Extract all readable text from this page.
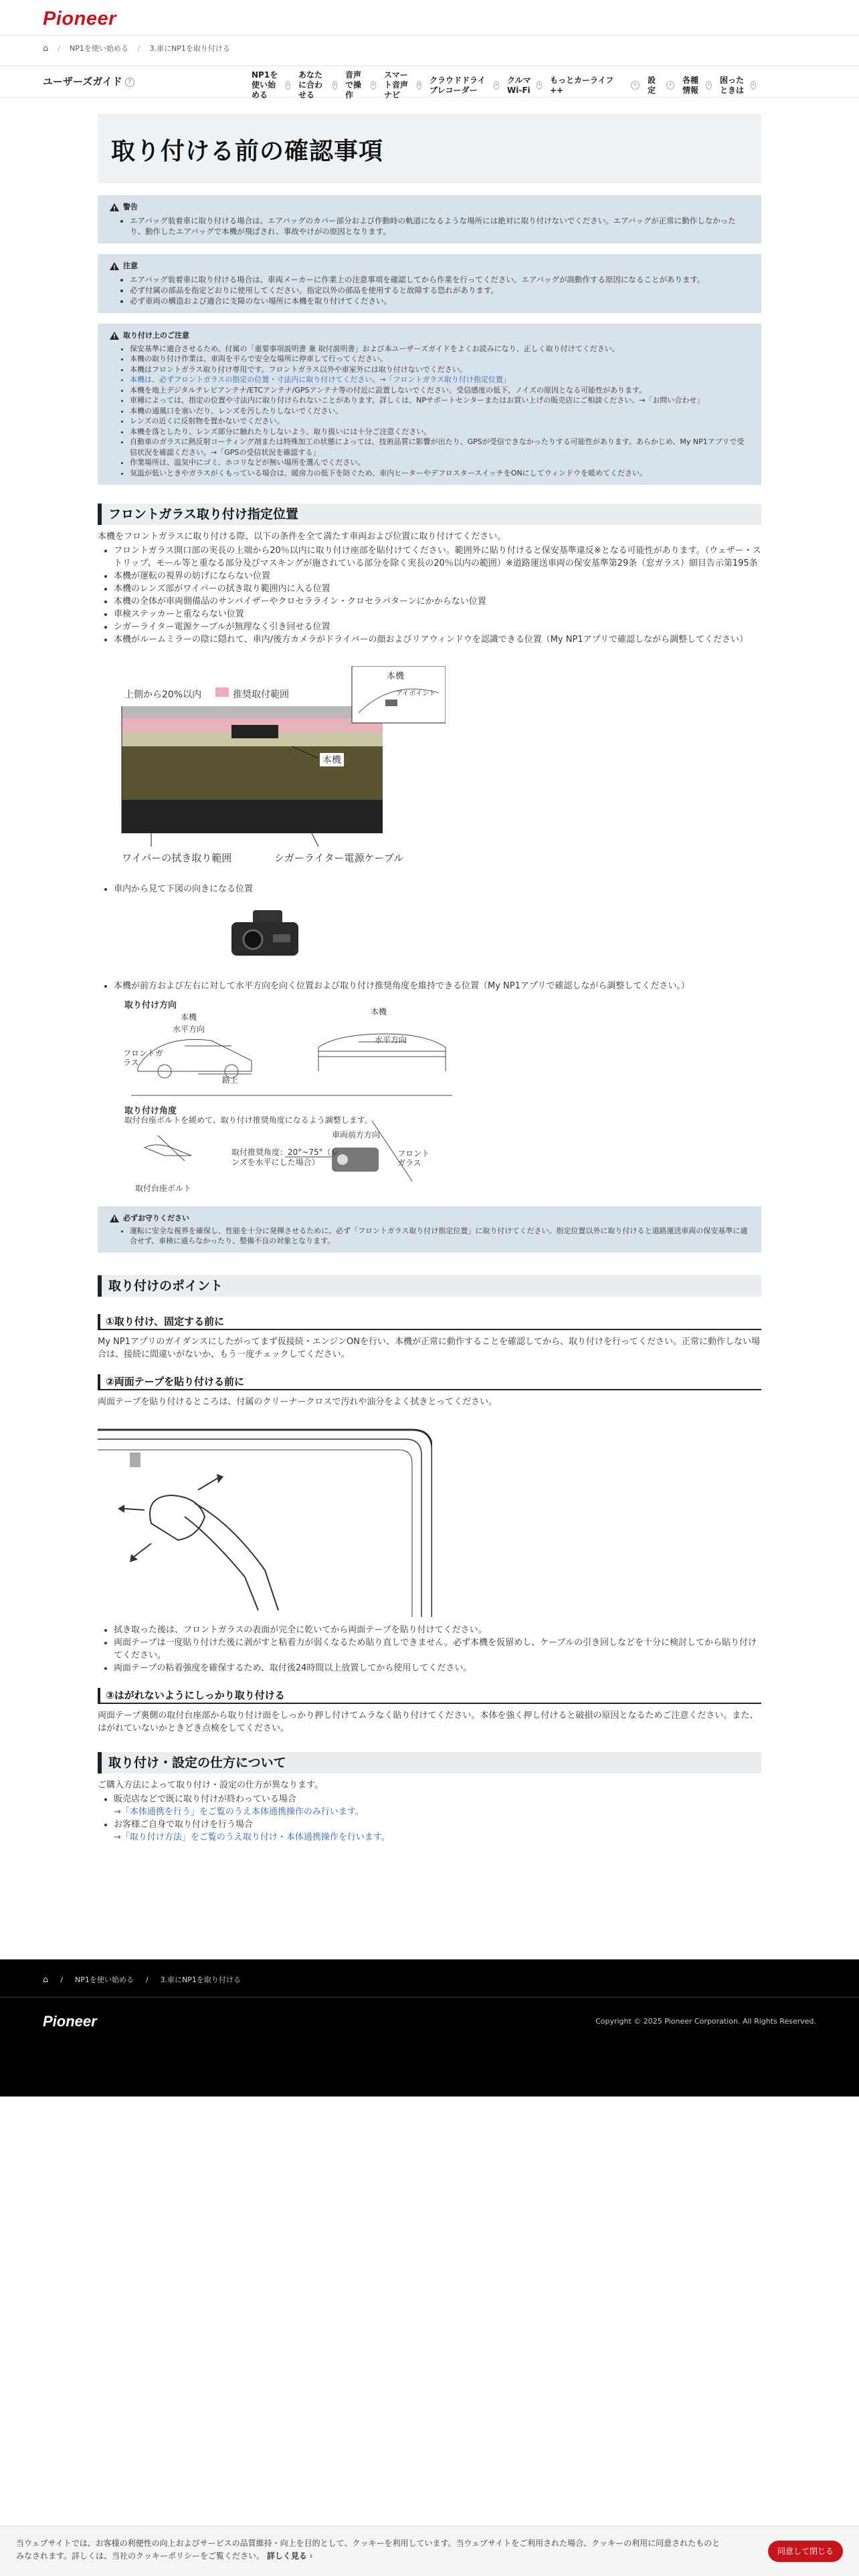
Pioneer
⌂ / NP1を使い始める / 3.車にNP1を取り付ける
ユーザーズガイド ?
NP1を使い始める
›
あなたに合わせる
›
音声で操作
›
スマート音声ナビ
› クラウドドライブレコーダー
› クルマWi-Fi
› もっとカーライフ++
›	設定
›	各種情報
› 困ったときは
›
取り付ける前の確認事項
!
警告
• エアバッグ装着車に取り付ける場合は、エアバッグのカバー部分および作動時の軌道になるような場所には絶対に取り付けないでください。エアバッグが正常に動作しなかったり、動作したエアバッグで本機が飛ばされ、事故やけがの原因となります。
!
注意
• エアバッグ装着車に取り付ける場合は、車両メーカーに作業上の注意事項を確認してから作業を行ってください。エアバッグが誤動作する原因になることがあります。
• 必ず付属の部品を指定どおりに使用してください。指定以外の部品を使用すると故障する恐れがあります。
• 必ず車両の構造および適合に支障のない場所に本機を取り付けてください。
!
取り付け上のご注意
• 保安基準に適合させるため、付属の「重要事項説明書 兼 取付説明書」および本ユーザーズガイドをよくお読みになり、正しく取り付けてください。
• 本機の取り付け作業は、車両を平らで安全な場所に停車して行ってください。
• 本機はフロントガラス取り付け専用です。フロントガラス以外や車室外には取り付けないでください。
• 本機は、必ずフロントガラスの指定の位置・寸法内に取り付けてください。→「フロントガラス取り付け指定位置」
• 本機を地上デジタルテレビアンテナ/ETCアンテナ/GPSアンテナ等の付近に設置しないでください。受信感度の低下、ノイズの原因となる可能性があります。
• 車種によっては、指定の位置や寸法内に取り付けられないことがあります。詳しくは、NPサポートセンターまたはお買い上げの販売店にご相談ください。→「お問い合わせ」
• 本機の通風口を塞いだり、レンズを汚したりしないでください。
• レンズの近くに反射物を置かないでください。
• 本機を落としたり、レンズ部分に触れたりしないよう、取り扱いには十分ご注意ください。
• 自動車のガラスに熱反射コーティング剤または特殊加工の状態によっては、技術品質に影響が出たり、GPSが受信できなかったりする可能性があります。あらかじめ、My NP1アプリで受信状況を確認ください。→「GPSの受信状況を確認する」
• 作業場所は、温気中にゴミ、ホコリなどが無い場所を選んでください。
• 気温が低いときやガラスがくもっている場合は、暖房力の低下を防ぐため、車内ヒーターやデフロスタースイッチをONにしてウィンドウを暖めてください。
フロントガラス取り付け指定位置
本機をフロントガラスに取り付ける際、以下の条件を全て満たす車両および位置に取り付けてください。
• フロントガラス開口部の実長の上端から20％以内に取り付け座部を貼付けてください。範囲外に貼り付けると保安基準違反※となる可能性があります。（ウェザー・ストリップ、モール等と重なる部分及びマスキングが施されている部分を除く実長の20％以内の範囲）※道路運送車両の保安基準第29条（窓ガラス）細目告示第195条
• 本機が運転の視界の妨げにならない位置
• 本機のレンズ部がワイパーの拭き取り範囲内に入る位置
• 本機の全体が車両側備品のサンバイザーやクロセラライン・クロセラパターンにかからない位置
• 車検ステッカーと重ならない位置
• シガーライター電源ケーブルが無理なく引き回せる位置
• 本機がルームミラーの陰に隠れて、車内/後方カメラがドライバーの顔およびリアウィンドウを認識できる位置（My NP1アプリで確認しながら調整してください）
上側から20%以内	推奨取付範囲
本機
アイポイント
本機
ワイパーの拭き取り範囲	シガーライター電源ケーブル
• 車内から見て下図の向きになる位置
• 本機が前方および左右に対して水平方向を向く位置および取り付け推奨角度を維持できる位置（My NP1アプリで確認しながら調整してください。）
取り付け方向
本機
水平方向
フロントガラス
路上
本機
水平方向
取り付け角度
取付台座ボルトを緩めて、取り付け推奨角度になるよう調整します。
車両前方方向
取付推奨角度：20°~75°（レンズを水平にした場合）
フロントガラス
取付台座ボルト
!
必ずお守りください
• 運転に安全な視界を確保し、性能を十分に発揮させるために、必ず「フロントガラス取り付け指定位置」に取り付けてください。指定位置以外に取り付けると道路運送車両の保安基準に適合せず、車検に通らなかったり、整備不良の対象となります。
取り付けのポイント
①取り付け、固定する前に
My NP1アプリのガイダンスにしたがってまず仮接続・エンジンONを行い、本機が正常に動作することを確認してから、取り付けを行ってください。正常に動作しない場合は、接続に間違いがないか、もう一度チェックしてください。
②両面テープを貼り付ける前に
両面テープを貼り付けるところは、付属のクリーナークロスで汚れや油分をよく拭きとってください。
• 拭き取った後は、フロントガラスの表面が完全に乾いてから両面テープを貼り付けてください。
• 両面テープは一度貼り付けた後に剥がすと粘着力が弱くなるため貼り直しできません。必ず本機を仮留めし、ケーブルの引き回しなどを十分に検討してから貼り付けてください。
• 両面テープの粘着強度を確保するため、取付後24時間以上放置してから使用してください。
③はがれないようにしっかり取り付ける
両面テープ裏側の取付台座部から取り付け面をしっかり押し付けてムラなく貼り付けてください。本体を強く押し付けると破損の原因となるためご注意ください。また、はがれていないかときどき点検をしてください。
取り付け・設定の仕方について
ご購入方法によって取り付け・設定の仕方が異なります。
• 販売店などで既に取り付けが終わっている場合
→「本体通携を行う」をご覧のうえ本体通携操作のみ行います。
• お客様ご自身で取り付けを行う場合
→「取り付け方法」をご覧のうえ取り付け・本体通携操作を行います。
⌂ / NP1を使い始める / 3.車にNP1を取り付ける
Pioneer	Copyright © 2025 Pioneer Corporation. All Rights Reserved.
当ウェブサイトでは、お客様の利便性の向上およびサービスの品質維持・向上を目的として、クッキーを利用しています。当ウェブサイトをご利用された場合、クッキーの利用に同意されたものとみなされます。詳しくは、当社のクッキーポリシーをご覧ください。 詳しく見る ›	同意して閉じる
